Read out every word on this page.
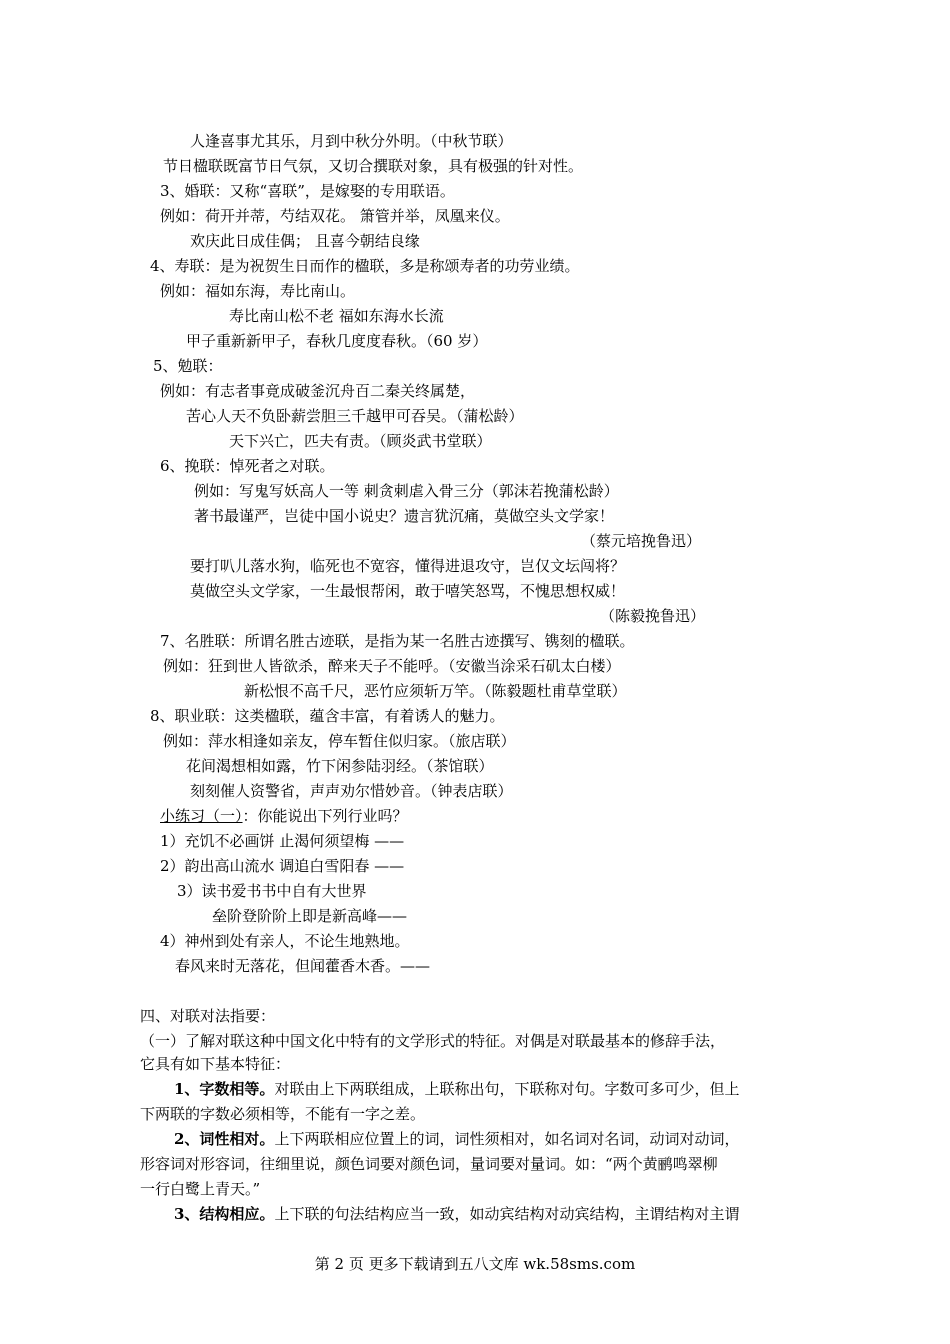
人逢喜事尤其乐，月到中秋分外明。（中秋节联）
节日楹联既富节日气氛，又切合撰联对象，具有极强的针对性。
3、婚联：又称“喜联”，是嫁娶的专用联语。
例如：荷开并蒂，芍结双花。 箫管并举，凤凰来仪。
欢庆此日成佳偶； 且喜今朝结良缘
4、寿联：是为祝贺生日而作的楹联，多是称颂寿者的功劳业绩。
例如：福如东海，寿比南山。
寿比南山松不老 福如东海水长流
甲子重新新甲子，春秋几度度春秋。（60 岁）
5、勉联：
例如：有志者事竟成破釜沉舟百二秦关终属楚，
苦心人天不负卧薪尝胆三千越甲可吞吴。（蒲松龄）
天下兴亡，匹夫有责。（顾炎武书堂联）
6、挽联：悼死者之对联。
例如：写鬼写妖高人一等 刺贪刺虐入骨三分（郭沫若挽蒲松龄）
著书最谨严，岂徒中国小说史？遗言犹沉痛，莫做空头文学家！
（蔡元培挽鲁迅）
要打叭儿落水狗，临死也不宽容，懂得进退攻守，岂仅文坛闯将？
莫做空头文学家，一生最恨帮闲，敢于嘻笑怒骂，不愧思想权威！
（陈毅挽鲁迅）
7、名胜联：所谓名胜古迹联，是指为某一名胜古迹撰写、镌刻的楹联。
例如：狂到世人皆欲杀，醉来天子不能呼。（安徽当涂采石矶太白楼）
新松恨不高千尺，恶竹应须斩万竿。（陈毅题杜甫草堂联）
8、职业联：这类楹联，蕴含丰富，有着诱人的魅力。
例如：萍水相逢如亲友，停车暂住似归家。（旅店联）
花间渴想相如露，竹下闲参陆羽经。（茶馆联）
刻刻催人资警省，声声劝尔惜妙音。（钟表店联）
小练习（一）：你能说出下列行业吗？
1）充饥不必画饼 止渴何须望梅 ——
2）韵出高山流水 调追白雪阳春 ——
3）读书爱书书中自有大世界
垒阶登阶阶上即是新高峰——
4）神州到处有亲人，不论生地熟地。
春风来时无落花，但闻藿香木香。——
四、对联对法指要：
（一）了解对联这种中国文化中特有的文学形式的特征。对偶是对联最基本的修辞手法，
它具有如下基本特征：
1、字数相等。对联由上下两联组成，上联称出句，下联称对句。字数可多可少，但上
下两联的字数必须相等，不能有一字之差。
2、词性相对。上下两联相应位置上的词，词性须相对，如名词对名词，动词对动词，
形容词对形容词，往细里说，颜色词要对颜色词，量词要对量词。如：“两个黄鹂鸣翠柳
一行白鹭上青天。”
3、结构相应。上下联的句法结构应当一致，如动宾结构对动宾结构，主谓结构对主谓
第 2 页 更多下载请到五八文库 wk.58sms.com
